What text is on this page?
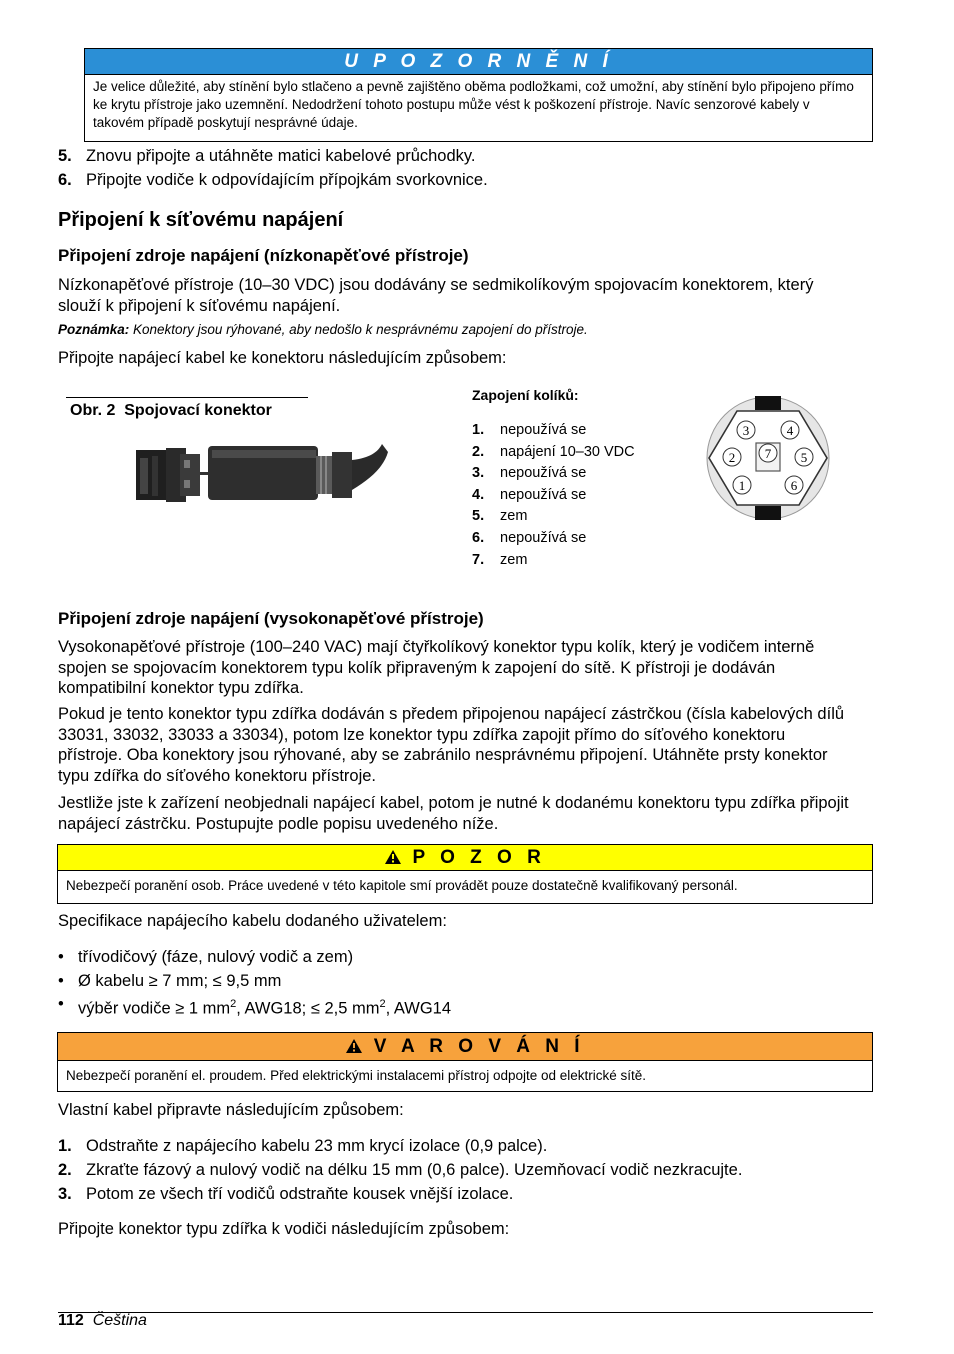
U P O Z O R N Ě N Í
Je velice důležité, aby stínění bylo stlačeno a pevně zajištěno oběma podložkami, což umožní, aby stínění bylo připojeno přímo ke krytu přístroje jako uzemnění. Nedodržení tohoto postupu může vést k poškození přístroje. Navíc senzorové kabely v takovém případě poskytují nesprávné údaje.
5. Znovu připojte a utáhněte matici kabelové průchodky.
6. Připojte vodiče k odpovídajícím přípojkám svorkovnice.
Připojení k síťovému napájení
Připojení zdroje napájení (nízkonapěťové přístroje)
Nízkonapěťové přístroje (10–30 VDC) jsou dodávány se sedmikolíkovým spojovacím konektorem, který slouží k připojení k síťovému napájení.
Poznámka: Konektory jsou rýhované, aby nedošlo k nesprávnému zapojení do přístroje.
Připojte napájecí kabel ke konektoru následujícím způsobem:
Obr. 2 Spojovací konektor
Zapojení kolíků:
1. nepoužívá se
2. napájení 10–30 VDC
3. nepoužívá se
4. nepoužívá se
5. zem
6. nepoužívá se
7. zem
3	4
2 7 5
1	6
Připojení zdroje napájení (vysokonapěťové přístroje)
Vysokonapěťové přístroje (100–240 VAC) mají čtyřkolíkový konektor typu kolík, který je vodičem interně spojen se spojovacím konektorem typu kolík připraveným k zapojení do sítě. K přístroji je dodáván kompatibilní konektor typu zdířka.
Pokud je tento konektor typu zdířka dodáván s předem připojenou napájecí zástrčkou (čísla kabelových dílů 33031, 33032, 33033 a 33034), potom lze konektor typu zdířka zapojit přímo do síťového konektoru přístroje. Oba konektory jsou rýhované, aby se zabránilo nesprávnému připojení. Utáhněte prsty konektor typu zdířka do síťového konektoru přístroje.
Jestliže jste k zařízení neobjednali napájecí kabel, potom je nutné k dodanému konektoru typu zdířka připojit napájecí zástrčku. Postupujte podle popisu uvedeného níže.
P O Z O R
Nebezpečí poranění osob. Práce uvedené v této kapitole smí provádět pouze dostatečně kvalifikovaný personál.
Specifikace napájecího kabelu dodaného uživatelem:
• třívodičový (fáze, nulový vodič a zem)
• Ø kabelu ≥ 7 mm; ≤ 9,5 mm
• výběr vodiče ≥ 1 $mm^2$, AWG18; ≤ 2,5 $mm^2$, AWG14
V A R O V Á N Í
Nebezpečí poranění el. proudem. Před elektrickými instalacemi přístroj odpojte od elektrické sítě.
Vlastní kabel připravte následujícím způsobem:
1. Odstraňte z napájecího kabelu 23 mm krycí izolace (0,9 palce).
2. Zkraťte fázový a nulový vodič na délku 15 mm (0,6 palce). Uzemňovací vodič nezkracujte.
3. Potom ze všech tří vodičů odstraňte kousek vnější izolace.
Připojte konektor typu zdířka k vodiči následujícím způsobem:
112 Čeština
